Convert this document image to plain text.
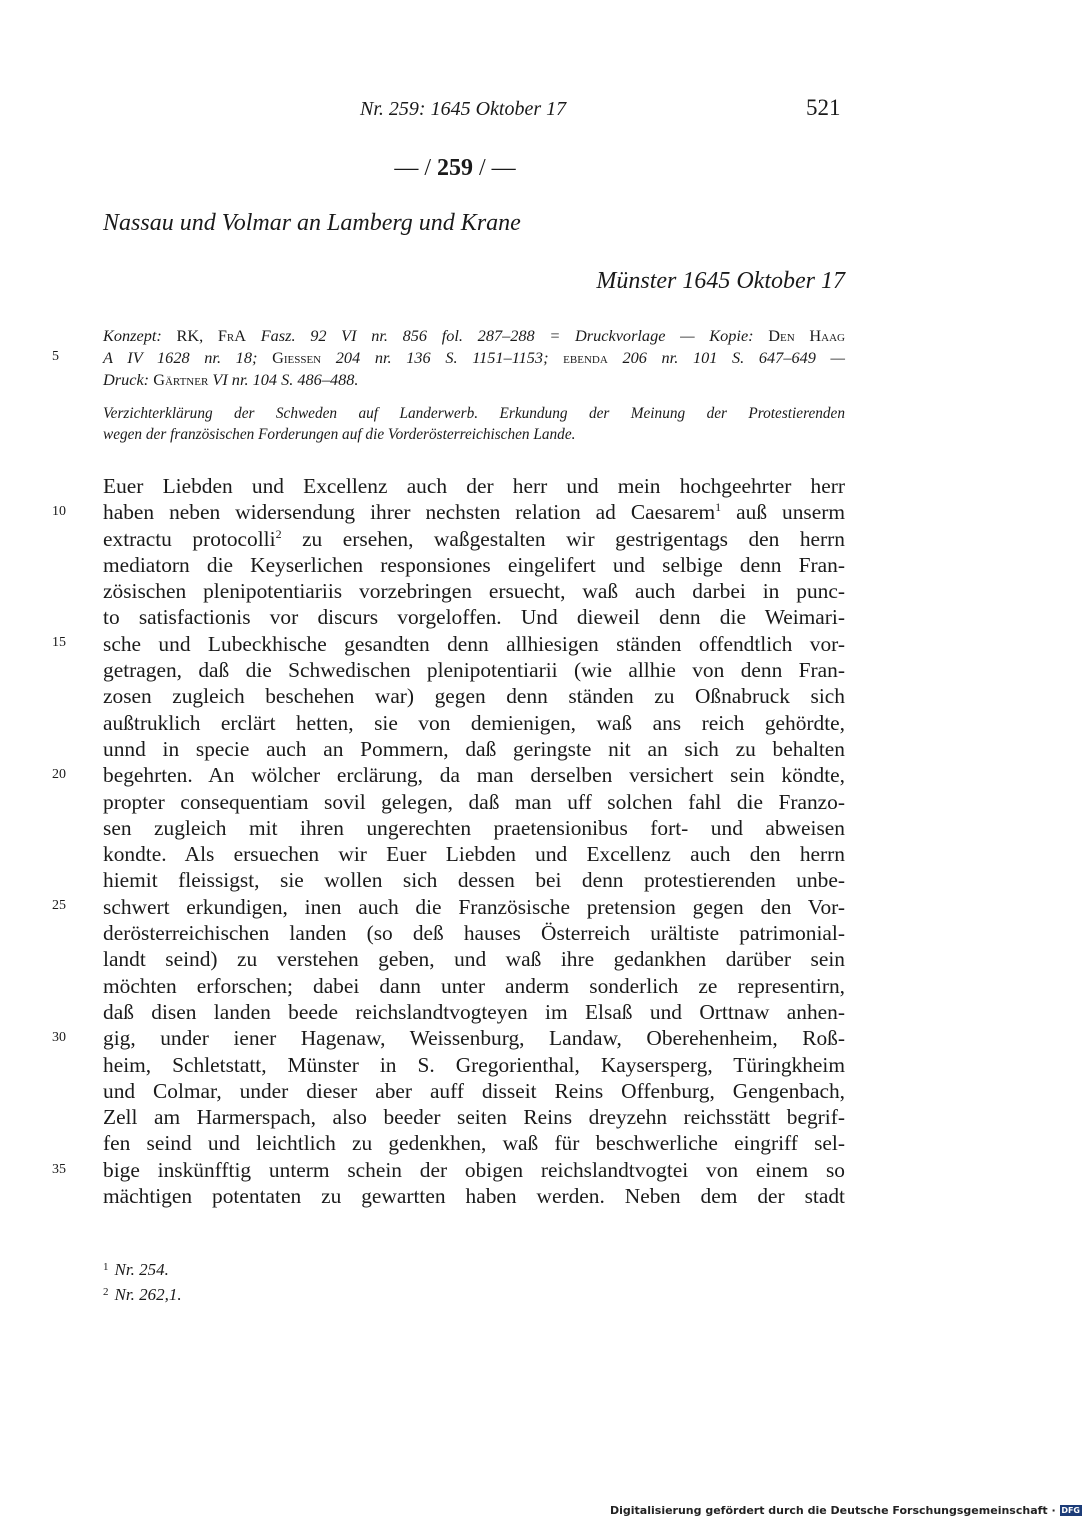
Nr. 259: 1645 Oktober 17	521
— / 259 / —
Nassau und Volmar an Lamberg und Krane
Münster 1645 Oktober 17
Konzept: RK, FrA Fasz. 92 VI nr. 856 fol. 287–288 = Druckvorlage — Kopie: Den Haag
A IV 1628 nr. 18; Giessen 204 nr. 136 S. 1151–1153; ebenda 206 nr. 101 S. 647–649 —
Druck: Gärtner VI nr. 104 S. 486–488.
Verzichterklärung der Schweden auf Landerwerb. Erkundung der Meinung der Protestierenden
wegen der französischen Forderungen auf die Vorderösterreichischen Lande.
5
10
15
20
25
30
35
Euer Liebden und Excellenz auch der herr und mein hochgeehrter herr
haben neben widersendung ihrer nechsten relation ad Caesarem$^1$ auß unserm
extractu protocolli$^2$ zu ersehen, waßgestalten wir gestrigentags den herrn
mediatorn die Keyserlichen responsiones eingelifert und selbige denn Fran-
zösischen plenipotentiariis vorzebringen ersuecht, waß auch darbei in punc-
to satisfactionis vor discurs vorgeloffen. Und dieweil denn die Weimari-
sche und Lubeckhische gesandten denn allhiesigen ständen offendtlich vor-
getragen, daß die Schwedischen plenipotentiarii (wie allhie von denn Fran-
zosen zugleich beschehen war) gegen denn ständen zu Oßnabruck sich
außtruklich erclärt hetten, sie von demienigen, waß ans reich gehördte,
unnd in specie auch an Pommern, daß geringste nit an sich zu behalten
begehrten. An wölcher erclärung, da man derselben versichert sein köndte,
propter consequentiam sovil gelegen, daß man uff solchen fahl die Franzo-
sen zugleich mit ihren ungerechten praetensionibus fort- und abweisen
kondte. Als ersuechen wir Euer Liebden und Excellenz auch den herrn
hiemit fleissigst, sie wollen sich dessen bei denn protestierenden unbe-
schwert erkundigen, inen auch die Französische pretension gegen den Vor-
derösterreichischen landen (so deß hauses Österreich urältiste patrimonial-
landt seind) zu verstehen geben, und waß ihre gedankhen darüber sein
möchten erforschen; dabei dann unter anderm sonderlich ze representirn,
daß disen landen beede reichslandtvogteyen im Elsaß und Orttnaw anhen-
gig, under iener Hagenaw, Weissenburg, Landaw, Oberehenheim, Roß-
heim, Schletstatt, Münster in S. Gregorienthal, Kaysersperg, Türingkheim
und Colmar, under dieser aber auff disseit Reins Offenburg, Gengenbach,
Zell am Harmerspach, also beeder seiten Reins dreyzehn reichsstätt begrif-
fen seind und leichtlich zu gedenkhen, waß für beschwerliche eingriff sel-
bige inskünfftig unterm schein der obigen reichslandtvogtei von einem so
mächtigen potentaten zu gewartten haben werden. Neben dem der stadt
$^1$ Nr. 254.
$^2$ Nr. 262,1.
Digitalisierung gefördert durch die Deutsche Forschungsgemeinschaft · DFG
